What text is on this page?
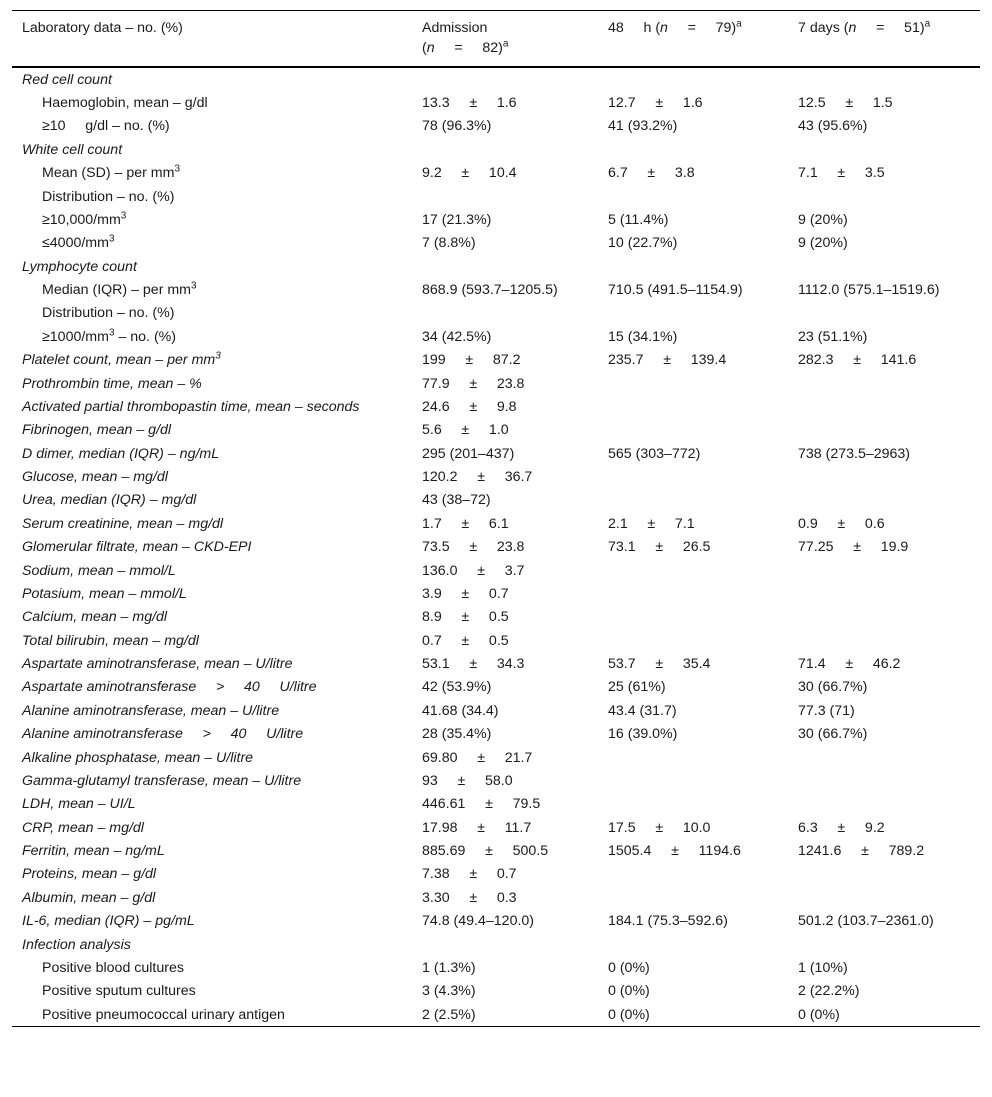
Laboratory data – no. (%)	Admission
(n     =     82)$^a$	48     h (n     =     79)$^a$	7 days (n     =     51)$^a$
Red cell count			
Haemoglobin, mean – g/dl	13.3     ±     1.6	12.7     ±     1.6	12.5     ±     1.5
≥10     g/dl – no. (%)	78 (96.3%)	41 (93.2%)	43 (95.6%)
White cell count			
Mean (SD) – per $mm^3$	9.2     ±     10.4	6.7     ±     3.8	7.1     ±     3.5
Distribution – no. (%)			
$\ge 10,000/mm^3$	17 (21.3%)	5 (11.4%)	9 (20%)
$\le 4000/mm^3$	7 (8.8%)	10 (22.7%)	9 (20%)
Lymphocyte count			
Median (IQR) – per $mm^3$	868.9 (593.7–1205.5)	710.5 (491.5–1154.9)	1112.0 (575.1–1519.6)
Distribution – no. (%)			
$\ge 1000/mm^3$ – no. (%)	34 (42.5%)	15 (34.1%)	23 (51.1%)
Platelet count, mean – per $mm^3$	199     ±     87.2	235.7     ±     139.4	282.3     ±     141.6
Prothrombin time, mean – %	77.9     ±     23.8		
Activated partial thrombopastin time, mean – seconds	24.6     ±     9.8		
Fibrinogen, mean – g/dl	5.6     ±     1.0		
D dimer, median (IQR) – ng/mL	295 (201–437)	565 (303–772)	738 (273.5–2963)
Glucose, mean – mg/dl	120.2     ±     36.7		
Urea, median (IQR) – mg/dl	43 (38–72)		
Serum creatinine, mean – mg/dl	1.7     ±     6.1	2.1     ±     7.1	0.9     ±     0.6
Glomerular filtrate, mean – CKD-EPI	73.5     ±     23.8	73.1     ±     26.5	77.25     ±     19.9
Sodium, mean – mmol/L	136.0     ±     3.7		
Potasium, mean – mmol/L	3.9     ±     0.7		
Calcium, mean – mg/dl	8.9     ±     0.5		
Total bilirubin, mean – mg/dl	0.7     ±     0.5		
Aspartate aminotransferase, mean – U/litre	53.1     ±     34.3	53.7     ±     35.4	71.4     ±     46.2
Aspartate aminotransferase     >     40     U/litre	42 (53.9%)	25 (61%)	30 (66.7%)
Alanine aminotransferase, mean – U/litre	41.68 (34.4)	43.4 (31.7)	77.3 (71)
Alanine aminotransferase     >     40     U/litre	28 (35.4%)	16 (39.0%)	30 (66.7%)
Alkaline phosphatase, mean – U/litre	69.80     ±     21.7		
Gamma-glutamyl transferase, mean – U/litre	93     ±     58.0		
LDH, mean – UI/L	446.61     ±     79.5		
CRP, mean – mg/dl	17.98     ±     11.7	17.5     ±     10.0	6.3     ±     9.2
Ferritin, mean – ng/mL	885.69     ±     500.5	1505.4     ±     1194.6	1241.6     ±     789.2
Proteins, mean – g/dl	7.38     ±     0.7		
Albumin, mean – g/dl	3.30     ±     0.3		
IL-6, median (IQR) – pg/mL	74.8 (49.4–120.0)	184.1 (75.3–592.6)	501.2 (103.7–2361.0)
Infection analysis			
Positive blood cultures	1 (1.3%)	0 (0%)	1 (10%)
Positive sputum cultures	3 (4.3%)	0 (0%)	2 (22.2%)
Positive pneumococcal urinary antigen	2 (2.5%)	0 (0%)	0 (0%)
